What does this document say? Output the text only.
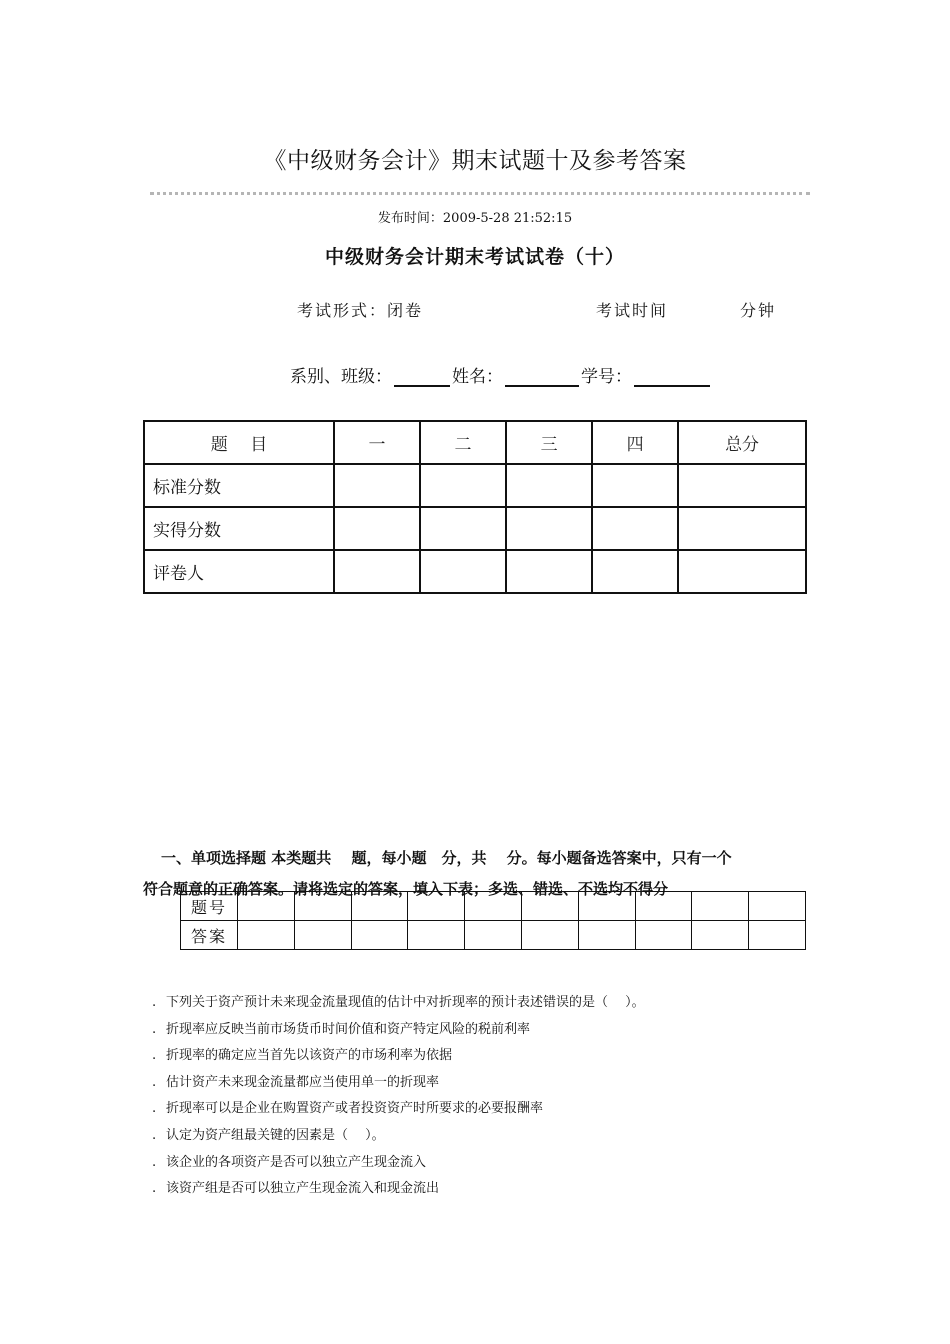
《中级财务会计》期末试题十及参考答案
发布时间：2009-5-28 21:52:15
中级财务会计期末考试试卷（十）
考试形式：闭卷	考试时间	分钟
系别、班级：	姓名：	学号：
题　 目	一	二	三	四	总分
标准分数					
实得分数					
评卷人					
一、单项选择题 本类题共　 题，每小题　分，共　 分。每小题备选答案中，只有一个
符合题意的正确答案。请将选定的答案，填入下表；多选、错选、不选均不得分
题号										
答案										
. 下列关于资产预计未来现金流量现值的估计中对折现率的预计表述错误的是（　 ）。
. 折现率应反映当前市场货币时间价值和资产特定风险的税前利率
. 折现率的确定应当首先以该资产的市场利率为依据
. 估计资产未来现金流量都应当使用单一的折现率
. 折现率可以是企业在购置资产或者投资资产时所要求的必要报酬率
. 认定为资产组最关键的因素是（　 ）。
. 该企业的各项资产是否可以独立产生现金流入
. 该资产组是否可以独立产生现金流入和现金流出
